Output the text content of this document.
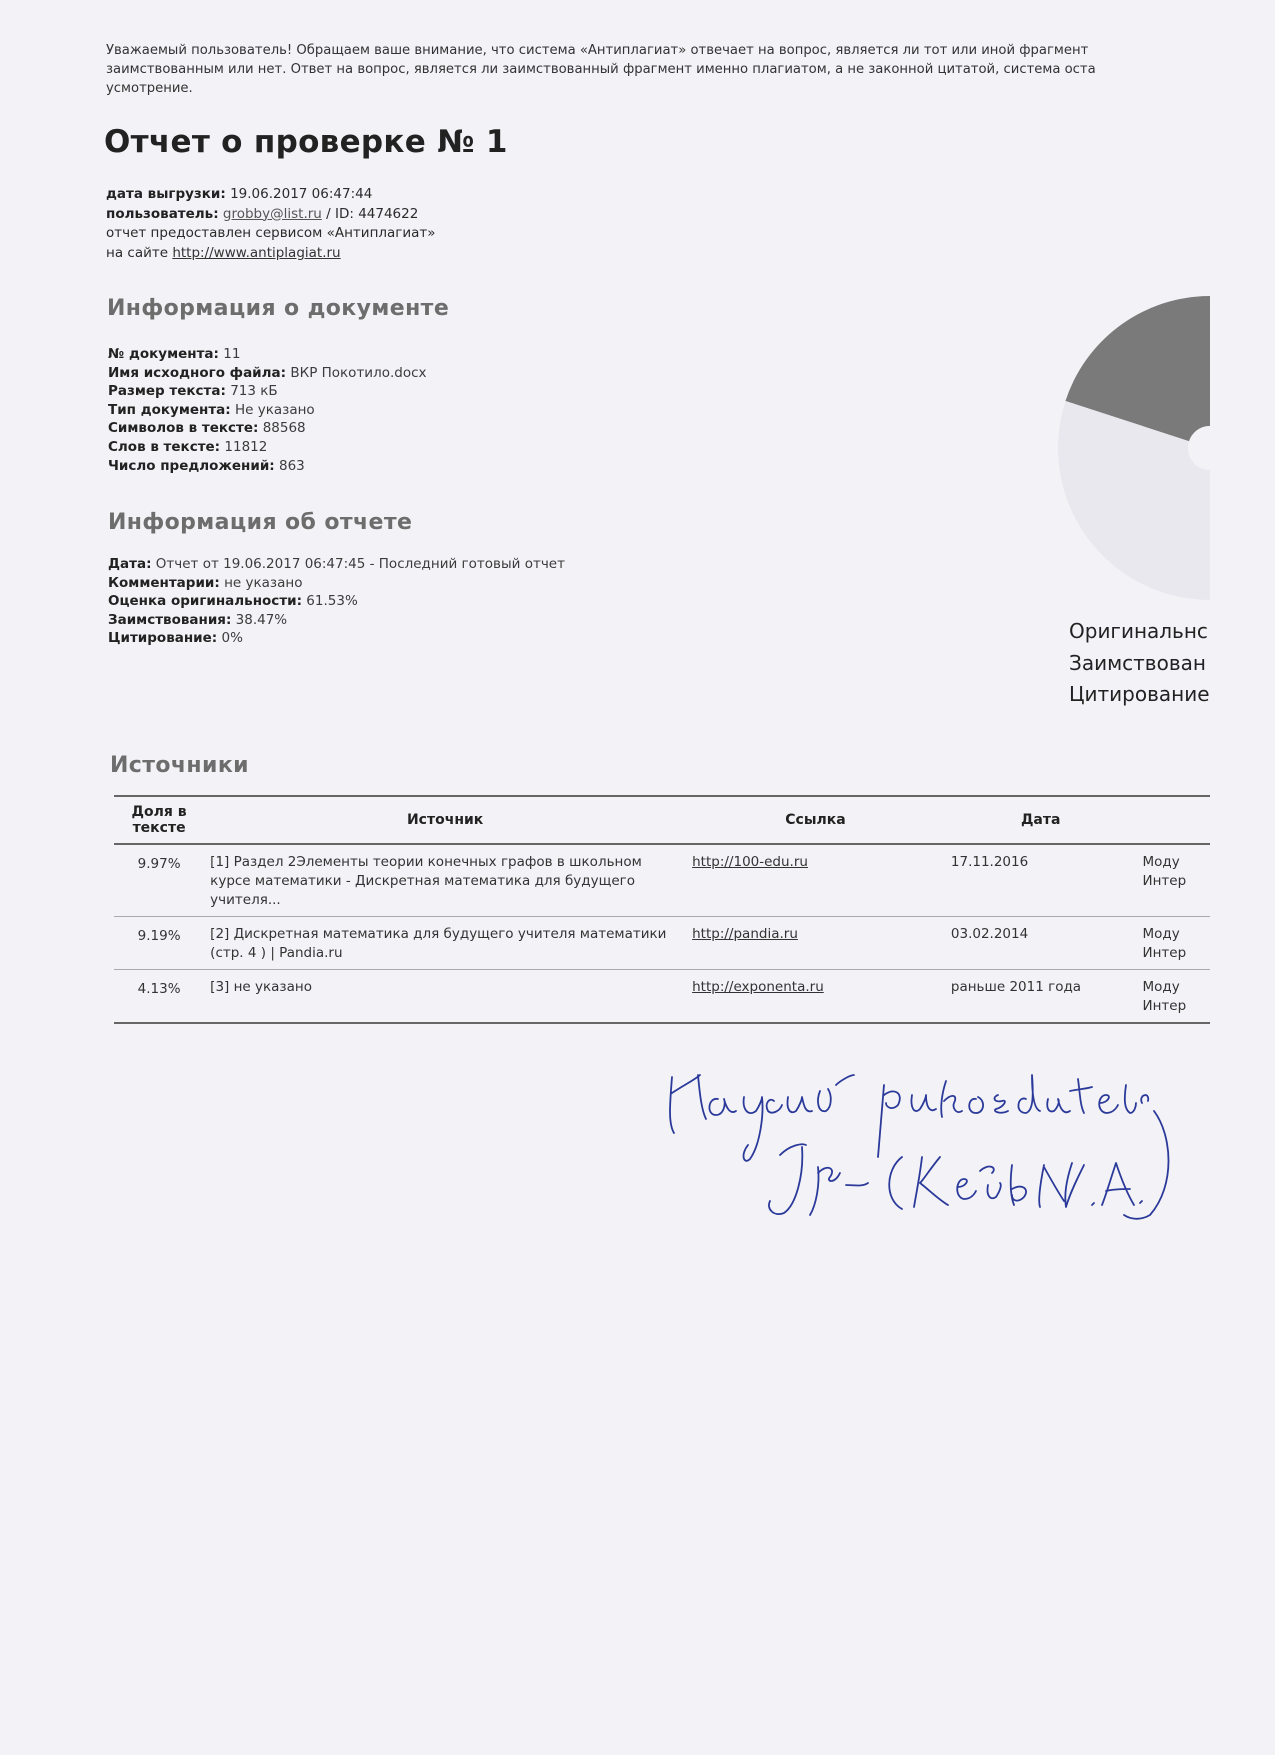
Уважаемый пользователь! Обращаем ваше внимание, что система «Антиплагиат» отвечает на вопрос, является ли тот или иной фрагмент
заимствованным или нет. Ответ на вопрос, является ли заимствованный фрагмент именно плагиатом, а не законной цитатой, система оста
усмотрение.
Отчет о проверке № 1
дата выгрузки: 19.06.2017 06:47:44
пользователь: grobby@list.ru / ID: 4474622
отчет предоставлен сервисом «Антиплагиат»
на сайте http://www.antiplagiat.ru
Информация о документе
№ документа: 11
Имя исходного файла: ВКР Покотило.docx
Размер текста: 713 кБ
Тип документа: Не указано
Символов в тексте: 88568
Слов в тексте: 11812
Число предложений: 863
Информация об отчете
Дата: Отчет от 19.06.2017 06:47:45 - Последний готовый отчет
Комментарии: не указано
Оценка оригинальности: 61.53%
Заимствования: 38.47%
Цитирование: 0%	Оригинальнс
Заимствован
Цитирование
Источники
Доля в тексте	Источник	Ссылка	Дата	
9.97%	[1] Раздел 2Элементы теории конечных графов в школьном курсе математики - Дискретная математика для будущего учителя...	http://100-edu.ru	17.11.2016	Моду
Интер

9.19%	[2] Дискретная математика для будущего учителя математики (стр. 4 ) | Pandia.ru	http://pandia.ru	03.02.2014	Моду
Интер

4.13%	[3] не указано	http://exponenta.ru	раньше 2011 года	Моду
Интер
